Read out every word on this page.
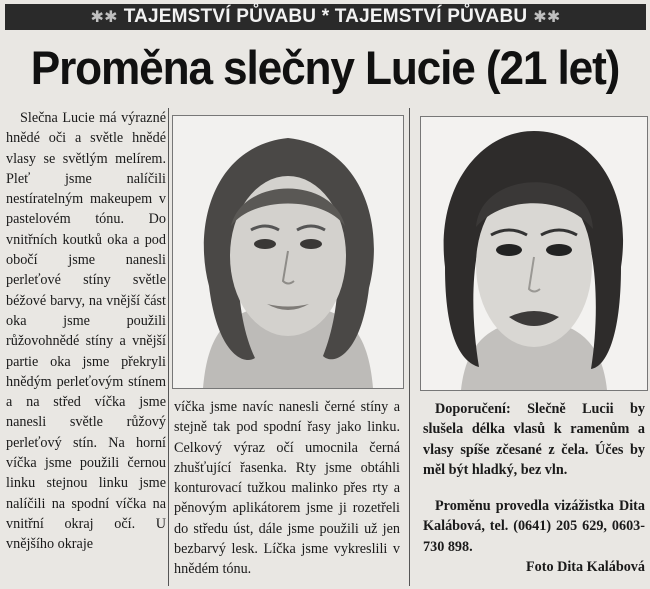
✱✱ TAJEMSTVÍ PŮVABU * TAJEMSTVÍ PŮVABU ✱✱
Proměna slečny Lucie (21 let)

Slečna Lucie má výrazné hnědé oči a světle hnědé vlasy se světlým melírem. Pleť jsme nalíčili nestíratelným makeupem v pastelovém tónu. Do vnitřních koutků oka a pod obočí jsme nanesli perleťové stíny světle béžové barvy, na vnější část oka jsme použili růžovohnědé stíny a vnější partie oka jsme překryli hnědým perleťovým stínem a na střed víčka jsme nanesli světle růžový perleťový stín. Na horní víčka jsme použili černou linku stejnou linku jsme nalíčili na spodní víčka na vnitřní okraj očí. U vnějšího okraje

víčka jsme navíc nanesli černé stíny a stejně tak pod spodní řasy jako linku. Celkový výraz očí umocnila černá zhušťující řasenka. Rty jsme obtáhli konturovací tužkou malinko přes rty a pěnovým aplikátorem jsme ji rozetřeli do středu úst, dále jsme použili už jen bezbarvý lesk. Líčka jsme vykreslili v hnědém tónu.

Doporučení: Slečně Lucii by slušela délka vlasů k ramenům a vlasy spíše zčesané z čela. Účes by měl být hladký, bez vln.

Proměnu provedla vizážistka Dita Kalábová, tel. (0641) 205 629, 0603-730 898.

Foto Dita Kalábová
